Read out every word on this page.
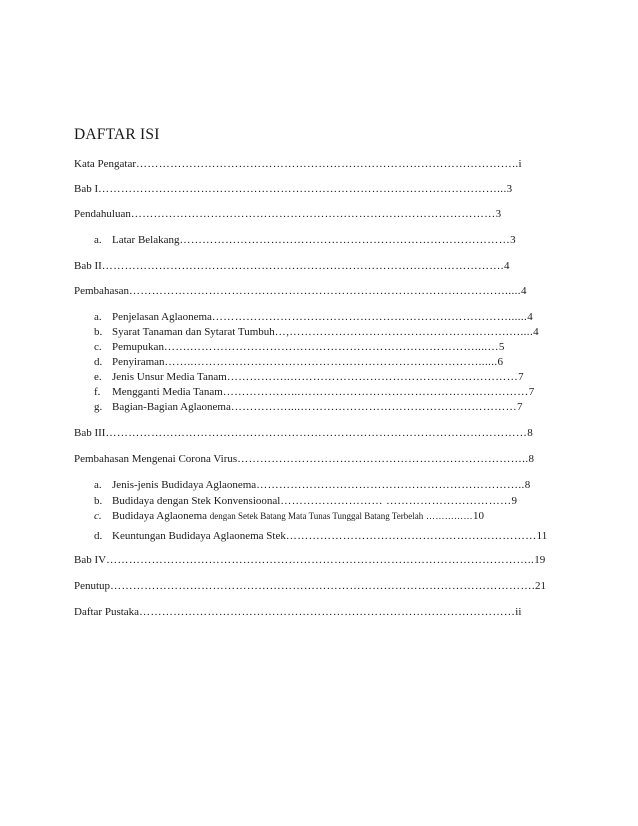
DAFTAR ISI
Kata Pengatar………………………………………………………………………………………..i
Bab I……………………………………………………………………………………………...3
Pendahuluan……………………………………………………………………………………3
a. Latar Belakang……………………………………………………………………………3
Bab II…………………………………………………………………………………………….4
Pembahasan……………………………………………………………………………………….....4
a. Penjelasan Aglaonema……………………………………………………………………......4
b. Syarat Tanaman dan Sytarat Tumbuh…,………………………………………………….…....4
c. Pemupukan…….…………………………………………………………………....…5
d. Penyiraman……..…………………………………………………………………......6
e. Jenis Unsur Media Tanam……………..……………………………………………………7
f. Mengganti Media Tanam………………...……………………………………………………7
g. Bagian-Bagian Aglaonema……………....…………………………………………………7
Bab III…………………………………………………………………………………………………8
Pembahasan Mengenai Corona Virus…………………………………………………………………..8
a. Jenis-jenis Budidaya Aglaonema……………………………………………………………..8
b. Budidaya dengan Stek Konvensioonal……………………… ……………………………9
c. Budidaya Aglaonema dengan Setek Batang Mata Tunas Tunggal Batang Terbelah ……………10
d. Keuntungan Budidaya Aglaonema Stek…………………………………………………………11
Bab IV…………………………………………………………………………………………………..19
Penutup………………………………………………………………………………………………….21
Daftar Pustaka………………………………………………………………………………………ii
